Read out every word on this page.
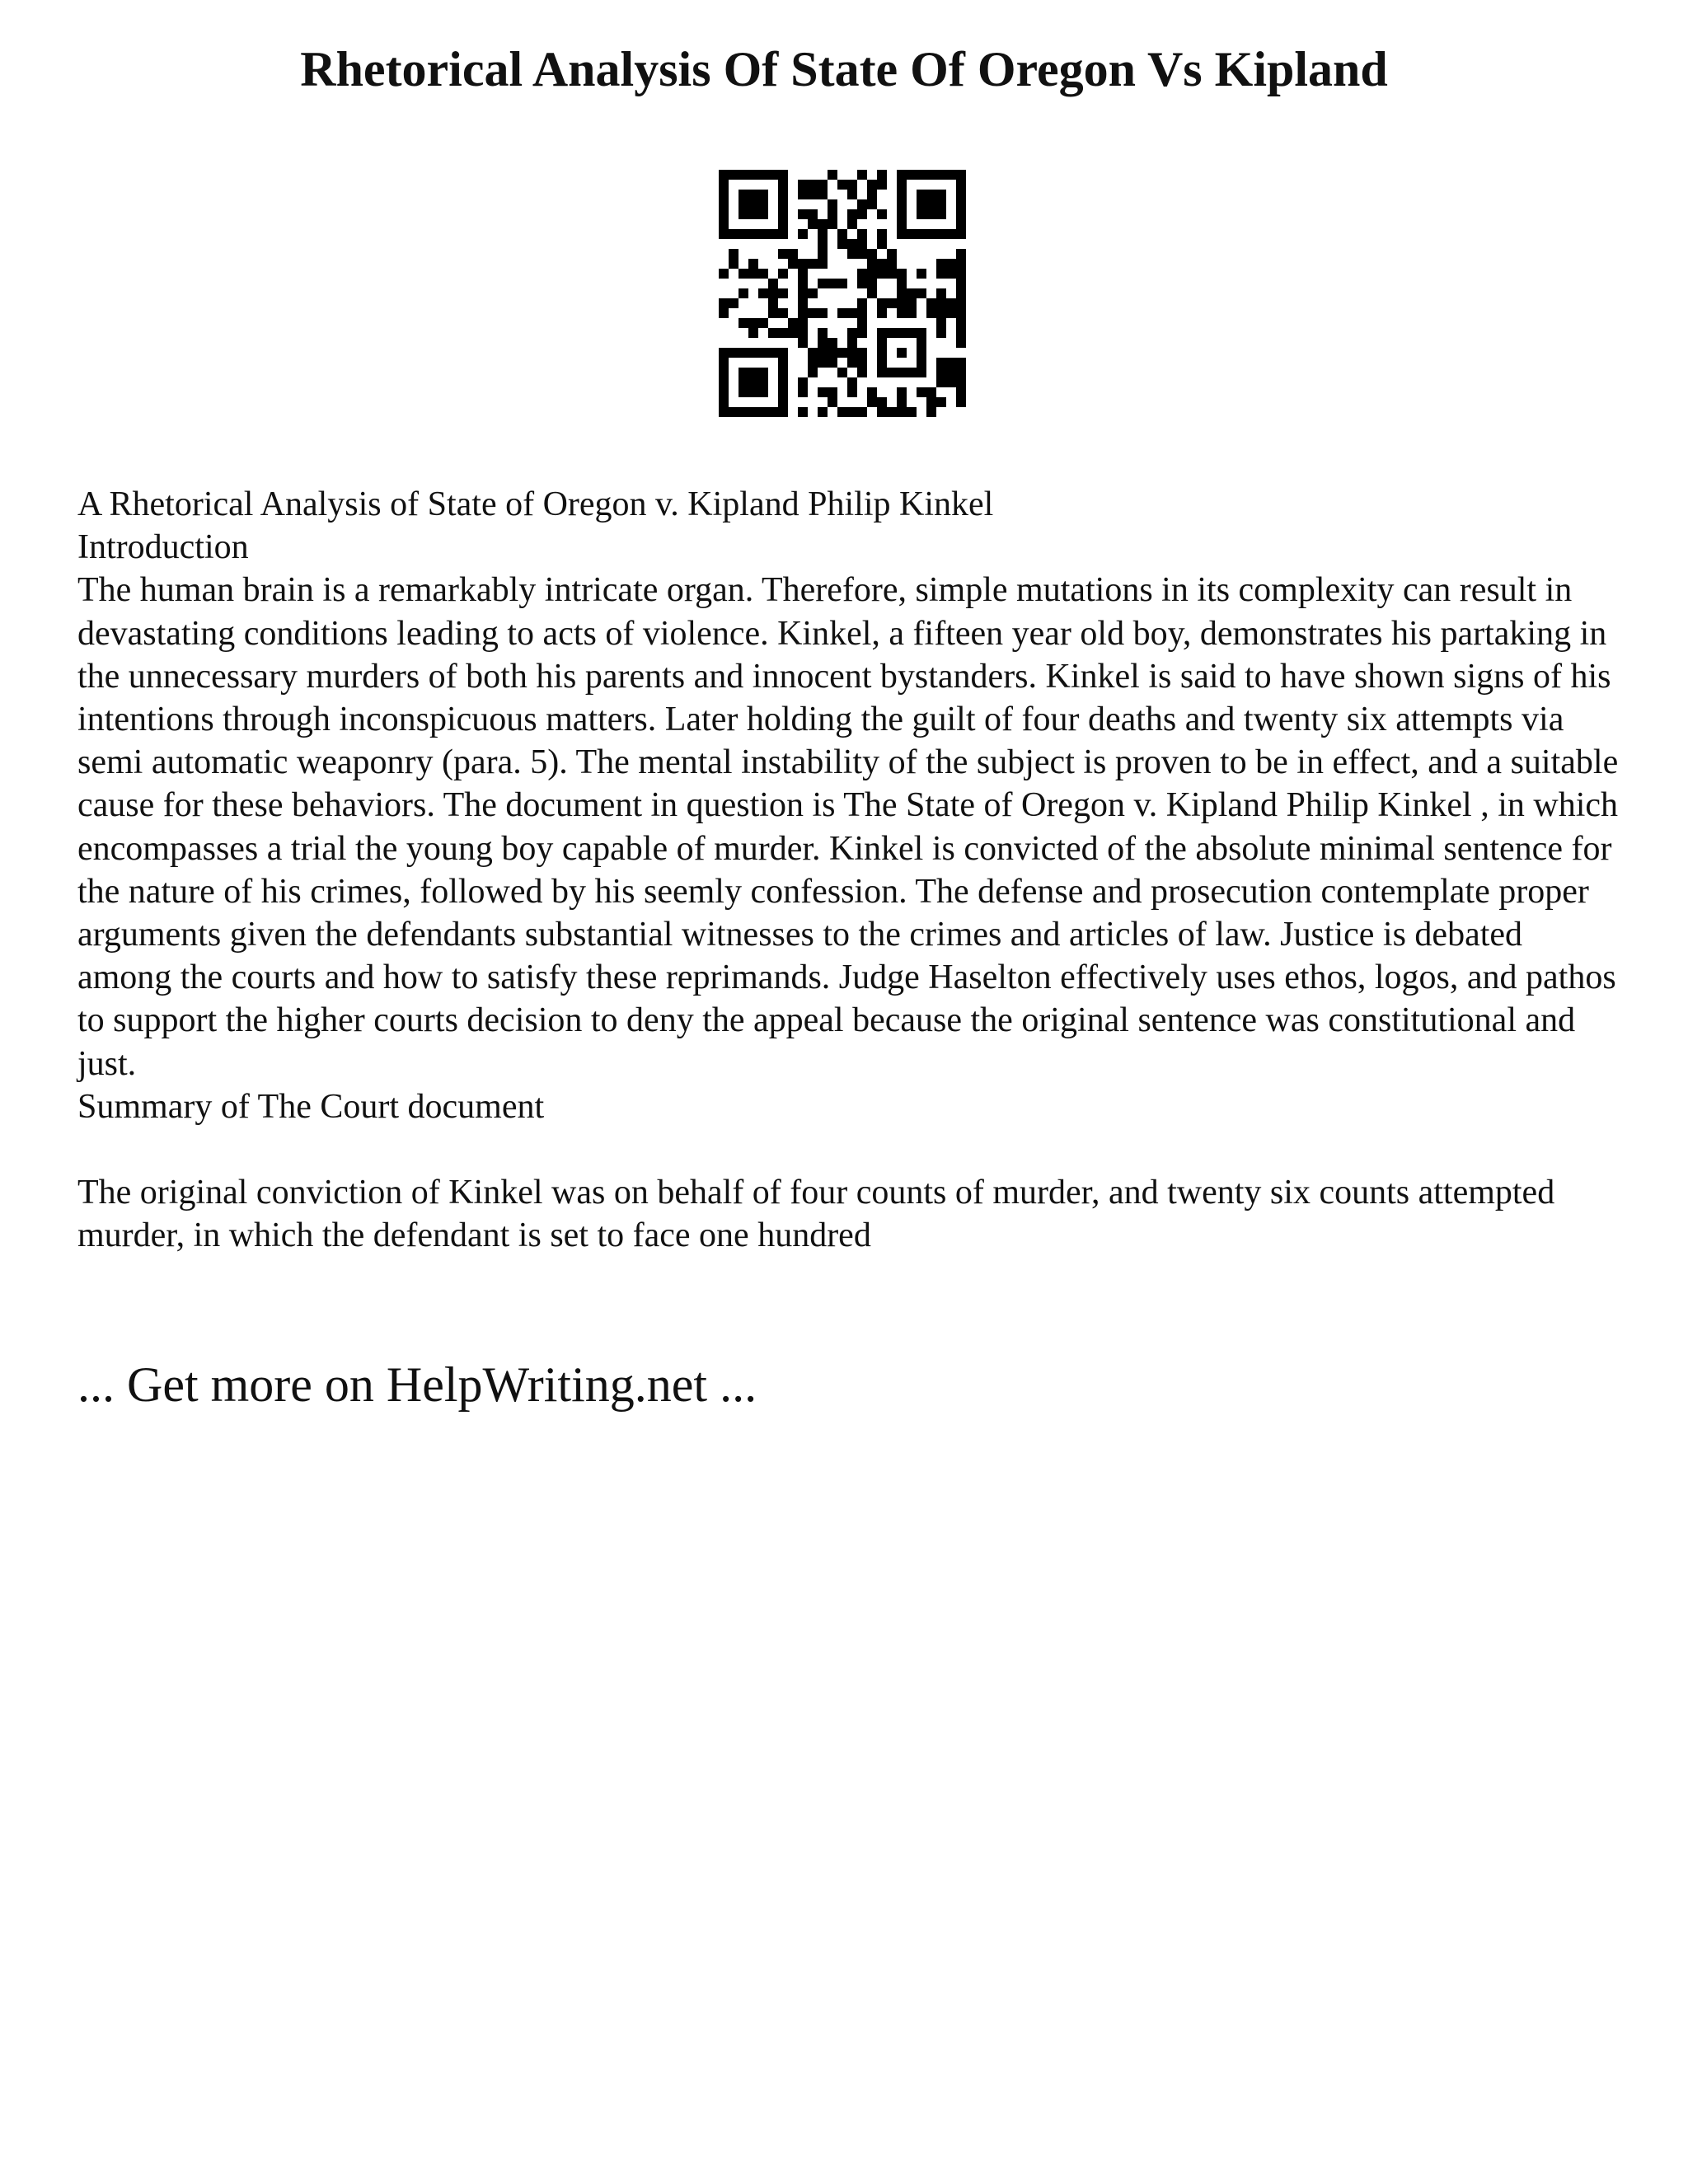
Rhetorical Analysis Of State Of Oregon Vs Kipland

A Rhetorical Analysis of State of Oregon v. Kipland Philip Kinkel

Introduction

The human brain is a remarkably intricate organ. Therefore, simple mutations in its complexity can result in devastating conditions leading to acts of violence. Kinkel, a fifteen year old boy, demonstrates his partaking in the unnecessary murders of both his parents and innocent bystanders. Kinkel is said to have shown signs of his intentions through inconspicuous matters. Later holding the guilt of four deaths and twenty six attempts via semi automatic weaponry (para. 5). The mental instability of the subject is proven to be in effect, and a suitable cause for these behaviors. The document in question is The State of Oregon v. Kipland Philip Kinkel , in which encompasses a trial the young boy capable of murder. Kinkel is convicted of the absolute minimal sentence for the nature of his crimes, followed by his seemly confession. The defense and prosecution contemplate proper arguments given the defendants substantial witnesses to the crimes and articles of law. Justice is debated among the courts and how to satisfy these reprimands. Judge Haselton effectively uses ethos, logos, and pathos to support the higher courts decision to deny the appeal because the original sentence was constitutional and just.

Summary of The Court document

The original conviction of Kinkel was on behalf of four counts of murder, and twenty six counts attempted murder, in which the defendant is set to face one hundred

... Get more on HelpWriting.net ...
